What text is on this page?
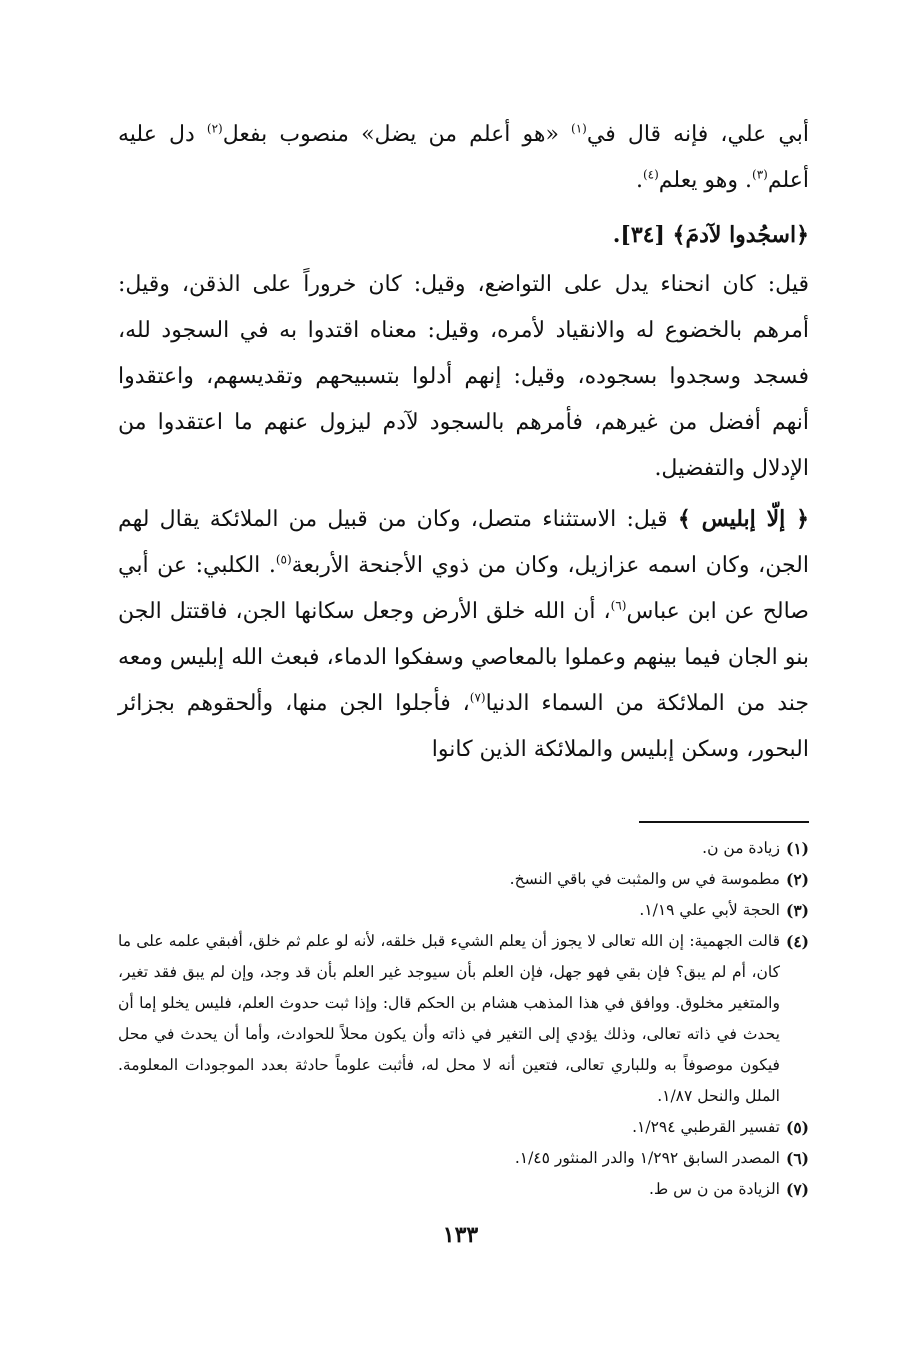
أبي علي، فإنه قال في$^{(١)}$ «هو أعلم من يضل» منصوب بفعل$^{(٢)}$ دل عليه أعلم$^{(٣)}$. وهو يعلم$^{(٤)}$.

﴿اسجُدوا لآدمَ﴾ [٣٤].

قيل: كان انحناء يدل على التواضع، وقيل: كان خروراً على الذقن، وقيل: أمرهم بالخضوع له والانقياد لأمره، وقيل: معناه اقتدوا به في السجود لله، فسجد وسجدوا بسجوده، وقيل: إنهم أدلوا بتسبيحهم وتقديسهم، واعتقدوا أنهم أفضل من غيرهم، فأمرهم بالسجود لآدم ليزول عنهم ما اعتقدوا من الإدلال والتفضيل.

﴿ إلّا إبليس ﴾ قيل: الاستثناء متصل، وكان من قبيل من الملائكة يقال لهم الجن، وكان اسمه عزازيل، وكان من ذوي الأجنحة الأربعة$^{(٥)}$. الكلبي: عن أبي صالح عن ابن عباس$^{(٦)}$، أن الله خلق الأرض وجعل سكانها الجن، فاقتتل الجن بنو الجان فيما بينهم وعملوا بالمعاصي وسفكوا الدماء، فبعث الله إبليس ومعه جند من الملائكة من السماء الدنيا$^{(٧)}$، فأجلوا الجن منها، وألحقوهم بجزائر البحور، وسكن إبليس والملائكة الذين كانوا

(١)
زيادة من ن.
(٢)
مطموسة في س والمثبت في باقي النسخ.
(٣)
الحجة لأبي علي ١/١٩.
(٤)
قالت الجهمية: إن الله تعالى لا يجوز أن يعلم الشيء قبل خلقه، لأنه لو علم ثم خلق، أفبقي علمه على ما كان، أم لم يبق؟ فإن بقي فهو جهل، فإن العلم بأن سيوجد غير العلم بأن قد وجد، وإن لم يبق فقد تغير، والمتغير مخلوق. ووافق في هذا المذهب هشام بن الحكم قال: وإذا ثبت حدوث العلم، فليس يخلو إما أن يحدث في ذاته تعالى، وذلك يؤدي إلى التغير في ذاته وأن يكون محلاً للحوادث، وأما أن يحدث في محل فيكون موصوفاً به وللباري تعالى، فتعين أنه لا محل له، فأثبت علوماً حادثة بعدد الموجودات المعلومة. الملل والنحل ١/٨٧.
(٥)
تفسير القرطبي ١/٢٩٤.
(٦)
المصدر السابق ١/٢٩٢ والدر المنثور ١/٤٥.
(٧)
الزيادة من ن س ط.
١٣٣
